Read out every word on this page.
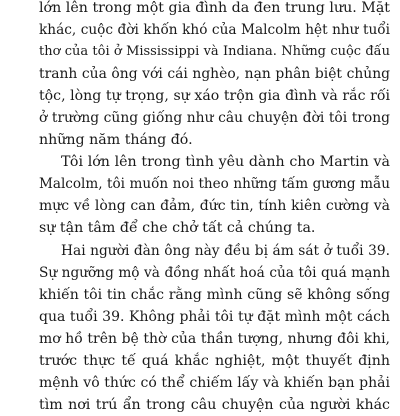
lớn lên trong một gia đình da đen trung lưu. Mặt
khác, cuộc đời khốn khó của Malcolm hệt như tuổi
thơ của tôi ở Mississippi và Indiana. Những cuộc đấu
tranh của ông với cái nghèo, nạn phân biệt chủng
tộc, lòng tự trọng, sự xáo trộn gia đình và rắc rối
ở trường cũng giống như câu chuyện đời tôi trong
những năm tháng đó.
Tôi lớn lên trong tình yêu dành cho Martin và
Malcolm, tôi muốn noi theo những tấm gương mẫu
mực về lòng can đảm, đức tin, tính kiên cường và
sự tận tâm để che chở tất cả chúng ta.
Hai người đàn ông này đều bị ám sát ở tuổi 39.
Sự ngưỡng mộ và đồng nhất hoá của tôi quá mạnh
khiến tôi tin chắc rằng mình cũng sẽ không sống
qua tuổi 39. Không phải tôi tự đặt mình một cách
mơ hồ trên bệ thờ của thần tượng, nhưng đôi khi,
trước thực tế quá khắc nghiệt, một thuyết định
mệnh vô thức có thể chiếm lấy và khiến bạn phải
tìm nơi trú ẩn trong câu chuyện của người khác
